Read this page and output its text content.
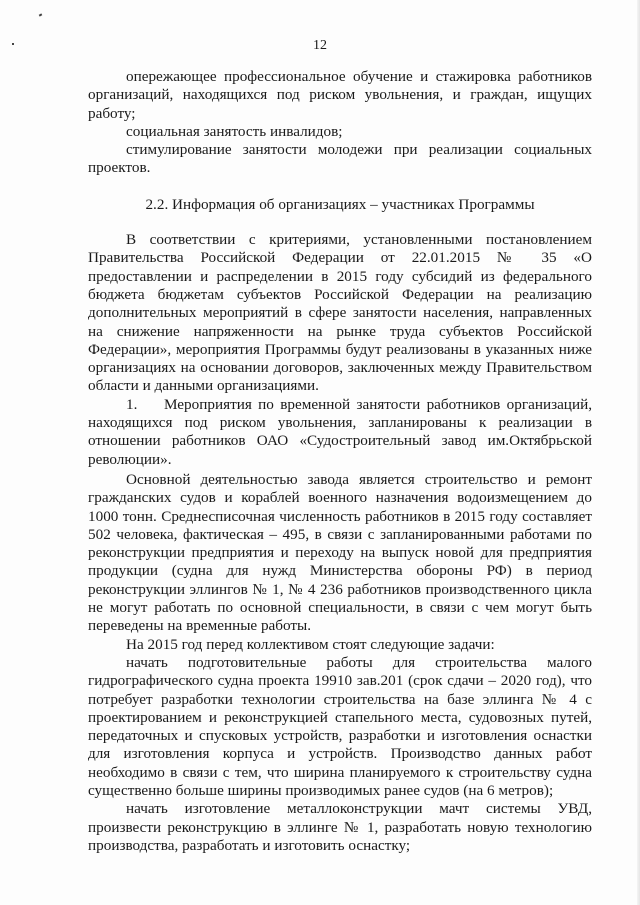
12

опережающее профессиональное обучение и стажировка работников организаций, находящихся под риском увольнения, и граждан, ищущих работу;

социальная занятость инвалидов;

стимулирование занятости молодежи при реализации социальных проектов.

2.2. Информация об организациях – участниках Программы

В соответствии с критериями, установленными постановлением Правительства Российской Федерации от 22.01.2015 № 35 «О предоставлении и распределении в 2015 году субсидий из федерального бюджета бюджетам субъектов Российской Федерации на реализацию дополнительных мероприятий в сфере занятости населения, направленных на снижение напряженности на рынке труда субъектов Российской Федерации», мероприятия Программы будут реализованы в указанных ниже организациях на основании договоров, заключенных между Правительством области и данными организациями.

1. Мероприятия по временной занятости работников организаций, находящихся под риском увольнения, запланированы к реализации в отношении работников ОАО «Судостроительный завод им.Октябрьской революции».

Основной деятельностью завода является строительство и ремонт гражданских судов и кораблей военного назначения водоизмещением до 1000 тонн. Среднесписочная численность работников в 2015 году составляет 502 человека, фактическая – 495, в связи с запланированными работами по реконструкции предприятия и переходу на выпуск новой для предприятия продукции (судна для нужд Министерства обороны РФ) в период реконструкции эллингов № 1, № 4 236 работников производственного цикла не могут работать по основной специальности, в связи с чем могут быть переведены на временные работы.

На 2015 год перед коллективом стоят следующие задачи:

начать подготовительные работы для строительства малого гидрографического судна проекта 19910 зав.201 (срок сдачи – 2020 год), что потребует разработки технологии строительства на базе эллинга № 4 с проектированием и реконструкцией стапельного места, судовозных путей, передаточных и спусковых устройств, разработки и изготовления оснастки для изготовления корпуса и устройств. Производство данных работ необходимо в связи с тем, что ширина планируемого к строительству судна существенно больше ширины производимых ранее судов (на 6 метров);

начать изготовление металлоконструкции мачт системы УВД, произвести реконструкцию в эллинге № 1, разработать новую технологию производства, разработать и изготовить оснастку;
